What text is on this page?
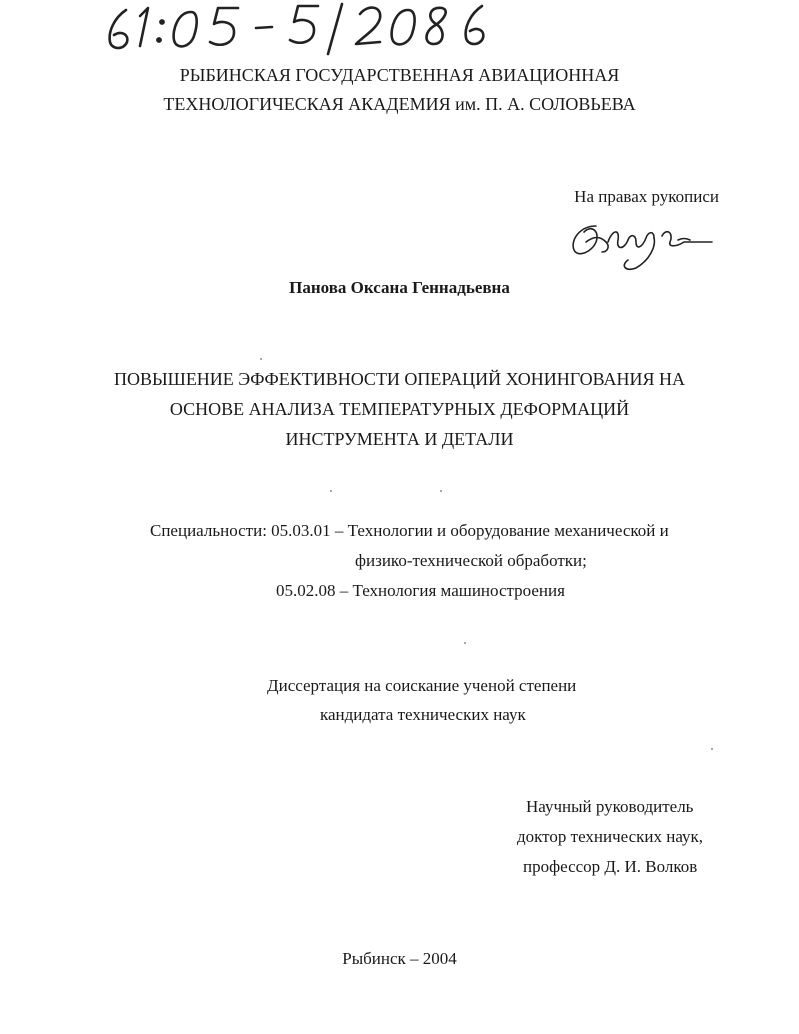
РЫБИНСКАЯ ГОСУДАРСТВЕННАЯ АВИАЦИОННАЯ
ТЕХНОЛОГИЧЕСКАЯ АКАДЕМИЯ им. П. А. СОЛОВЬЕВА
На правах рукописи
Панова Оксана Геннадьевна
ПОВЫШЕНИЕ ЭФФЕКТИВНОСТИ ОПЕРАЦИЙ ХОНИНГОВАНИЯ НА
ОСНОВЕ АНАЛИЗА ТЕМПЕРАТУРНЫХ ДЕФОРМАЦИЙ
ИНСТРУМЕНТА И ДЕТАЛИ
Специальности: 05.03.01 – Технологии и оборудование механической и
физико-технической обработки;
05.02.08 – Технология машиностроения
Диссертация на соискание ученой степени
кандидата технических наук
Научный руководитель
доктор технических наук,
профессор Д. И. Волков
Рыбинск – 2004
